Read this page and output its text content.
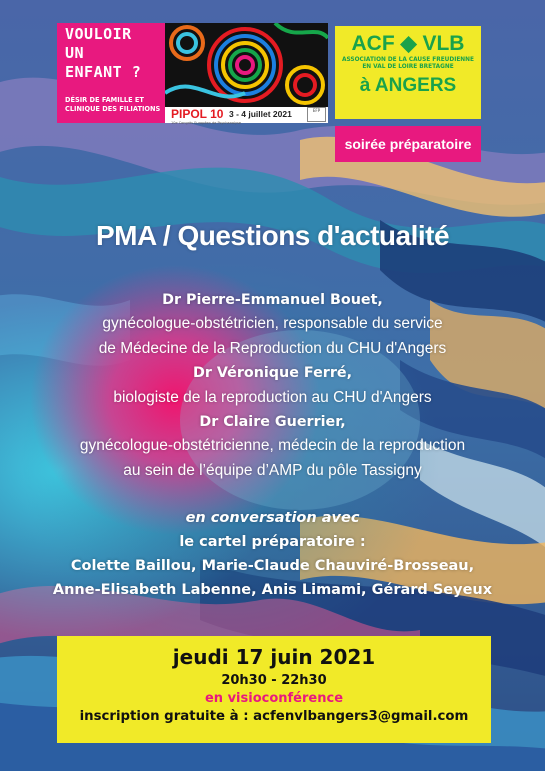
VOULOIR
UN
ENFANT ?
DÉSIR DE FAMILLE ET
CLINIQUE DES FILIATIONS PIPOL 10
10e Congrès Européen de Psychanalyse
3 - 4 juillet 2021	EFP
ACF ◆ VLB
ASSOCIATION DE LA CAUSE FREUDIENNE
EN VAL DE LOIRE BRETAGNE
à ANGERS
soirée préparatoire
PMA / Questions d'actualité
Dr Pierre-Emmanuel Bouet,
gynécologue-obstétricien, responsable du service
de Médecine de la Reproduction du CHU d'Angers
Dr Véronique Ferré,
biologiste de la reproduction au CHU d'Angers
Dr Claire Guerrier,
gynécologue-obstétricienne, médecin de la reproduction
au sein de l’équipe d’AMP du pôle Tassigny
en conversation avec
le cartel préparatoire :
Colette Baillou, Marie-Claude Chauviré-Brosseau,
Anne-Elisabeth Labenne, Anis Limami, Gérard Seyeux
jeudi 17 juin 2021
20h30 - 22h30
en visioconférence
inscription gratuite à : acfenvlbangers3@gmail.com
